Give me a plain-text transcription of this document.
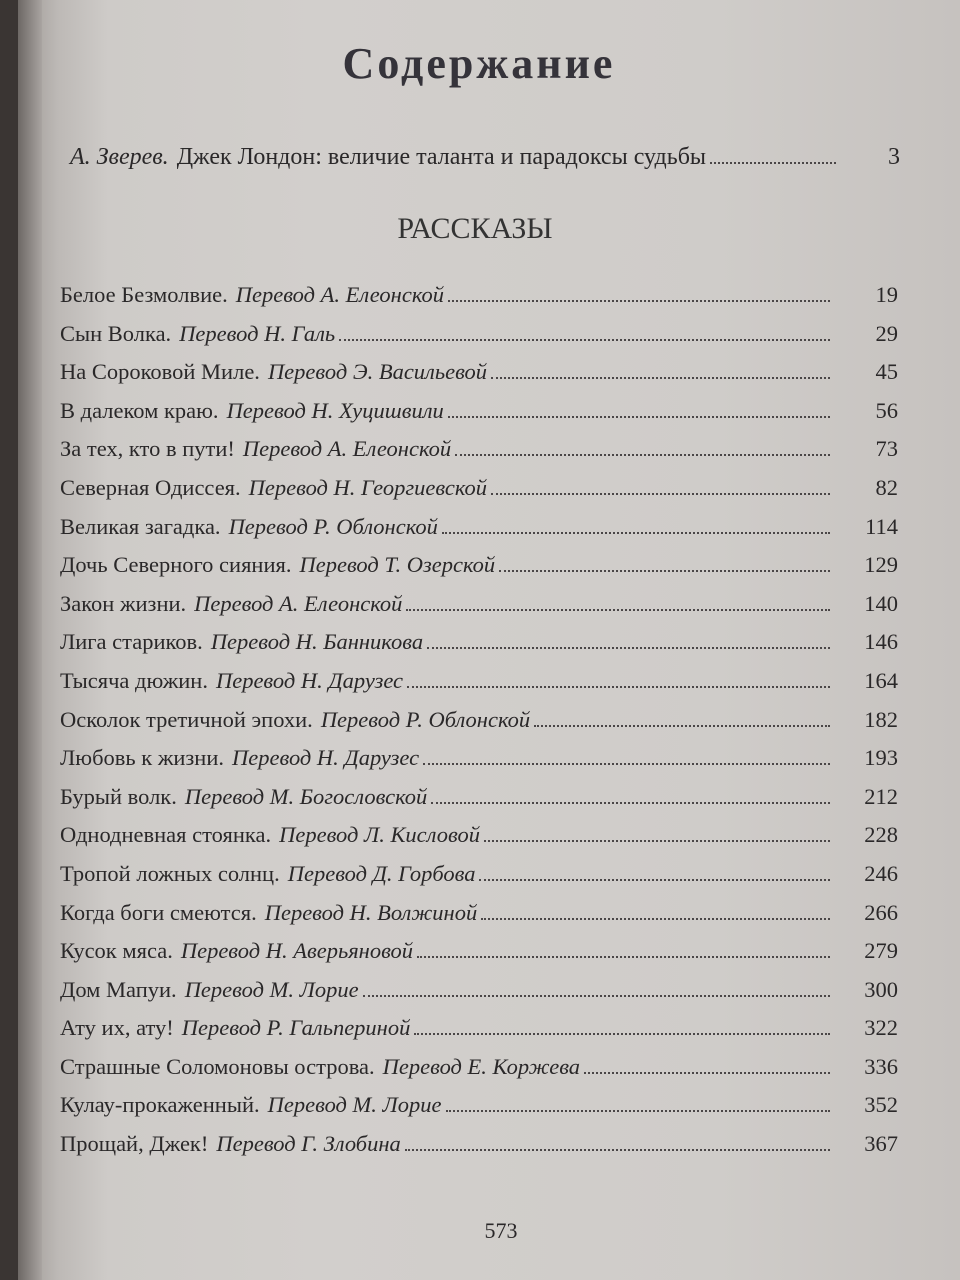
Содержание
А. Зверев. Джек Лондон: величие таланта и парадоксы судьбы	3
РАССКАЗЫ
Белое Безмолвие. Перевод А. Елеонской	19
Сын Волка. Перевод Н. Галь	29
На Сороковой Миле. Перевод Э. Васильевой	45
В далеком краю. Перевод Н. Хуцишвили	56
За тех, кто в пути! Перевод А. Елеонской	73
Северная Одиссея. Перевод Н. Георгиевской	82
Великая загадка. Перевод Р. Облонской	114
Дочь Северного сияния. Перевод Т. Озерской	129
Закон жизни. Перевод А. Елеонской	140
Лига стариков. Перевод Н. Банникова	146
Тысяча дюжин. Перевод Н. Дарузес	164
Осколок третичной эпохи. Перевод Р. Облонской	182
Любовь к жизни. Перевод Н. Дарузес	193
Бурый волк. Перевод М. Богословской	212
Однодневная стоянка. Перевод Л. Кисловой	228
Тропой ложных солнц. Перевод Д. Горбова	246
Когда боги смеются. Перевод Н. Волжиной	266
Кусок мяса. Перевод Н. Аверьяновой	279
Дом Мапуи. Перевод М. Лорие	300
Ату их, ату! Перевод Р. Гальпериной	322
Страшные Соломоновы острова. Перевод Е. Коржева	336
Кулау-прокаженный. Перевод М. Лорие	352
Прощай, Джек! Перевод Г. Злобина	367
573
